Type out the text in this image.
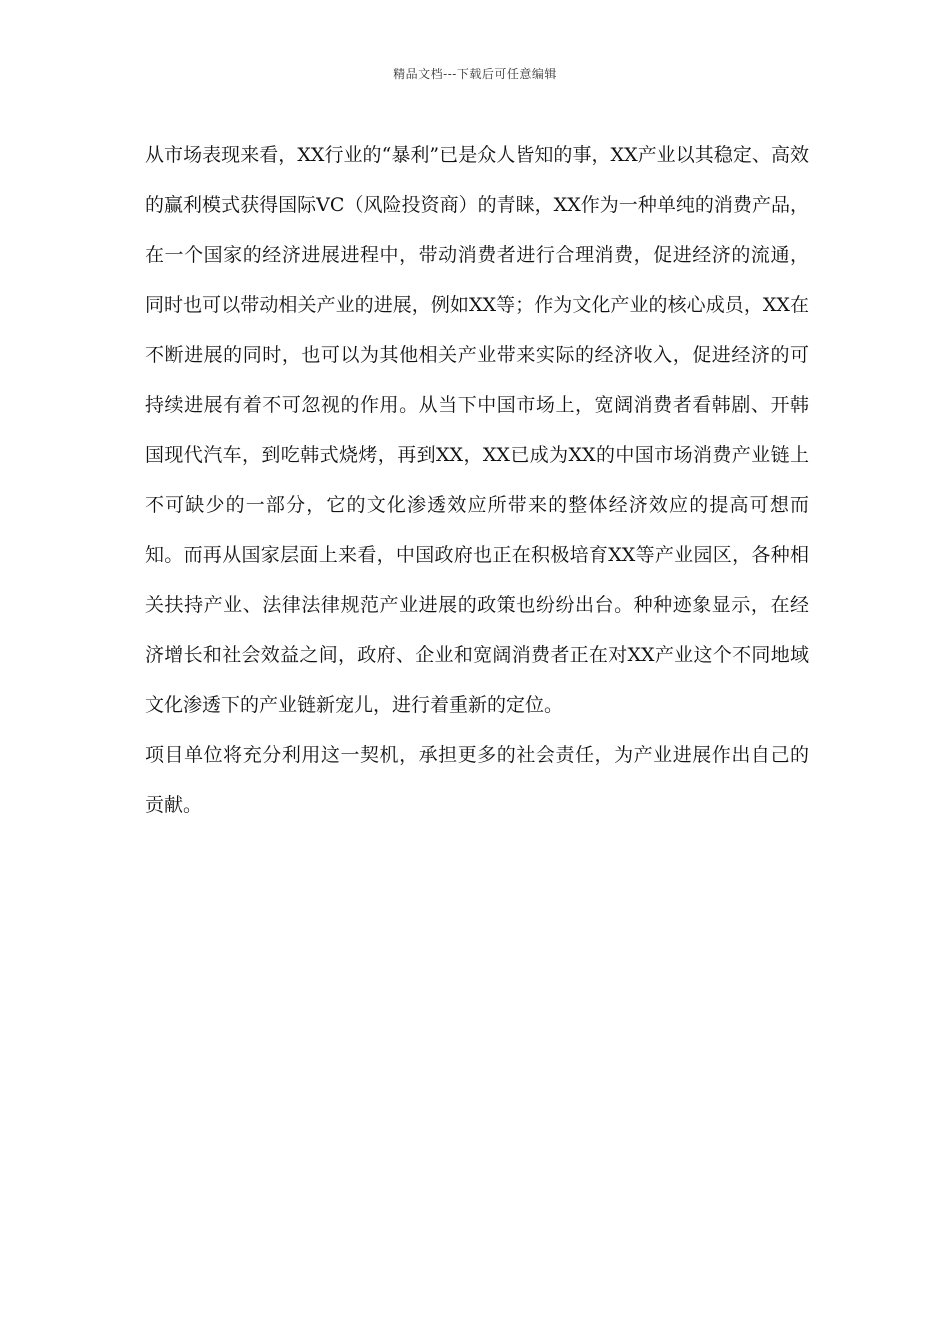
精品文档---下载后可任意编辑

从市场表现来看，XX行业的“暴利”已是众人皆知的事，XX产业以其稳定、高效的赢利模式获得国际VC（风险投资商）的青睐，XX作为一种单纯的消费产品，在一个国家的经济进展进程中，带动消费者进行合理消费，促进经济的流通，同时也可以带动相关产业的进展，例如XX等；作为文化产业的核心成员，XX在不断进展的同时，也可以为其他相关产业带来实际的经济收入，促进经济的可持续进展有着不可忽视的作用。从当下中国市场上，宽阔消费者看韩剧、开韩国现代汽车，到吃韩式烧烤，再到XX，XX已成为XX的中国市场消费产业链上不可缺少的一部分，它的文化渗透效应所带来的整体经济效应的提高可想而知。而再从国家层面上来看，中国政府也正在积极培育XX等产业园区，各种相关扶持产业、法律法律规范产业进展的政策也纷纷出台。种种迹象显示，在经济增长和社会效益之间，政府、企业和宽阔消费者正在对XX产业这个不同地域文化渗透下的产业链新宠儿，进行着重新的定位。

项目单位将充分利用这一契机，承担更多的社会责任，为产业进展作出自己的贡献。
